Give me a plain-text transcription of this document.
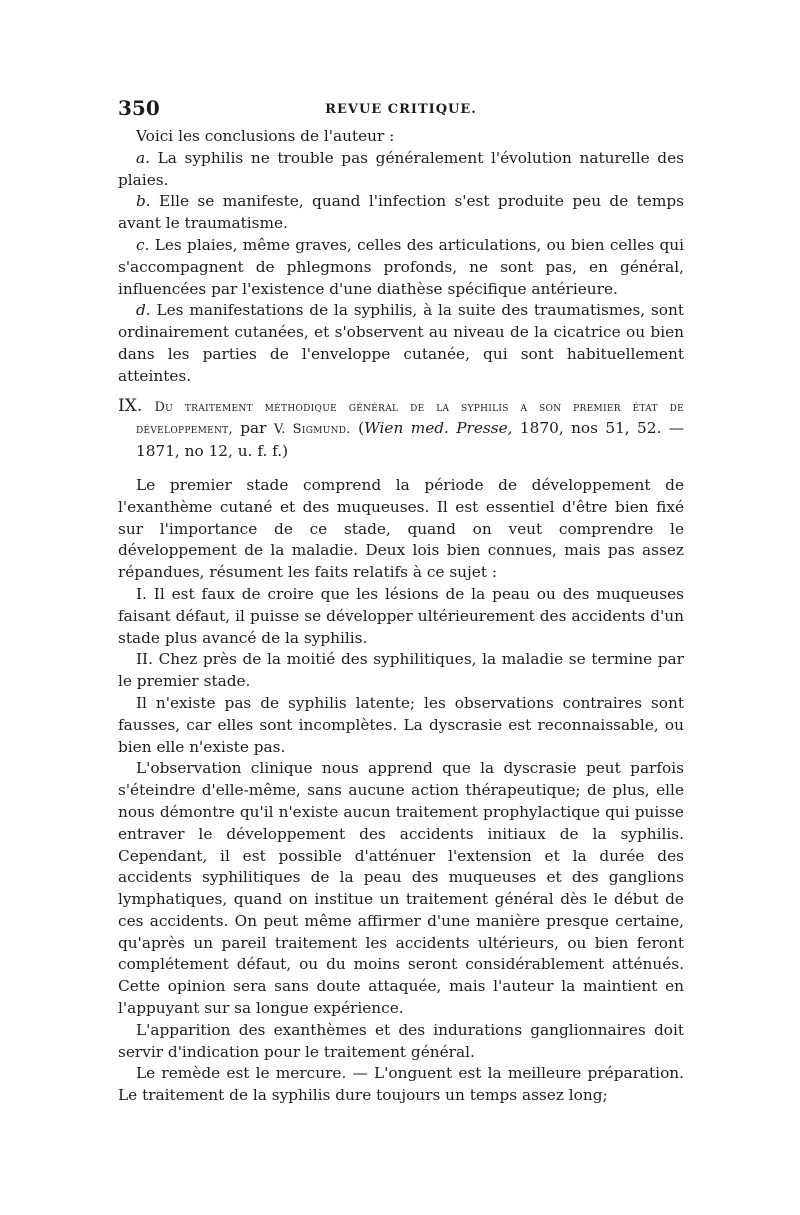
350	REVUE CRITIQUE.

Voici les conclusions de l'auteur :

a. La syphilis ne trouble pas généralement l'évolution naturelle des plaies.

b. Elle se manifeste, quand l'infection s'est produite peu de temps avant le traumatisme.

c. Les plaies, même graves, celles des articulations, ou bien celles qui s'accompagnent de phlegmons profonds, ne sont pas, en général, influencées par l'existence d'une diathèse spécifique antérieure.

d. Les manifestations de la syphilis, à la suite des traumatismes, sont ordinairement cutanées, et s'observent au niveau de la cicatrice ou bien dans les parties de l'enveloppe cutanée, qui sont habituellement atteintes.

IX. Du traitement méthodique général de la syphilis a son premier état de développement, par V. Sigmund. (Wien med. Presse, 1870, nos 51, 52. — 1871, no 12, u. f. f.)

Le premier stade comprend la période de développement de l'exanthème cutané et des muqueuses. Il est essentiel d'être bien fixé sur l'importance de ce stade, quand on veut comprendre le développement de la maladie. Deux lois bien connues, mais pas assez répandues, résument les faits relatifs à ce sujet :

I. Il est faux de croire que les lésions de la peau ou des muqueuses faisant défaut, il puisse se développer ultérieurement des accidents d'un stade plus avancé de la syphilis.

II. Chez près de la moitié des syphilitiques, la maladie se termine par le premier stade.

Il n'existe pas de syphilis latente; les observations contraires sont fausses, car elles sont incomplètes. La dyscrasie est reconnaissable, ou bien elle n'existe pas.

L'observation clinique nous apprend que la dyscrasie peut parfois s'éteindre d'elle-même, sans aucune action thérapeutique; de plus, elle nous démontre qu'il n'existe aucun traitement prophylactique qui puisse entraver le développement des accidents initiaux de la syphilis. Cependant, il est possible d'atténuer l'extension et la durée des accidents syphilitiques de la peau des muqueuses et des ganglions lymphatiques, quand on institue un traitement général dès le début de ces accidents. On peut même affirmer d'une manière presque certaine, qu'après un pareil traitement les accidents ultérieurs, ou bien feront complétement défaut, ou du moins seront considérablement atténués. Cette opinion sera sans doute attaquée, mais l'auteur la maintient en l'appuyant sur sa longue expérience.

L'apparition des exanthèmes et des indurations ganglionnaires doit servir d'indication pour le traitement général.

Le remède est le mercure. — L'onguent est la meilleure préparation. Le traitement de la syphilis dure toujours un temps assez long;
